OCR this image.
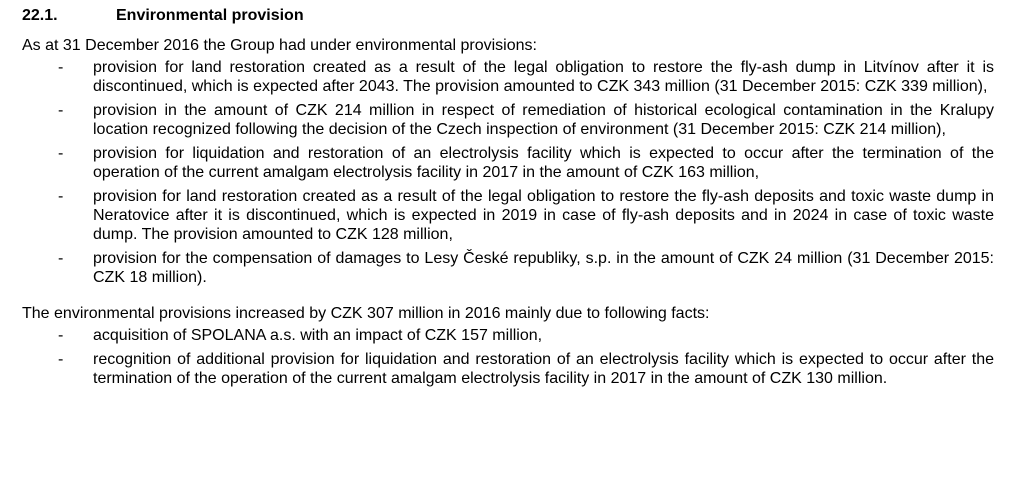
22.1.	Environmental provision

As at 31 December 2016 the Group had under environmental provisions:

-	provision for land restoration created as a result of the legal obligation to restore the fly-ash dump in Litvínov after it is discontinued, which is expected after 2043. The provision amounted to CZK 343 million (31 December 2015: CZK 339 million),
-	provision in the amount of CZK 214 million in respect of remediation of historical ecological contamination in the Kralupy location recognized following the decision of the Czech inspection of environment (31 December 2015: CZK 214 million),
-	provision for liquidation and restoration of an electrolysis facility which is expected to occur after the termination of the operation of the current amalgam electrolysis facility in 2017 in the amount of CZK 163 million,
-	provision for land restoration created as a result of the legal obligation to restore the fly-ash deposits and toxic waste dump in Neratovice after it is discontinued, which is expected in 2019 in case of fly-ash deposits and in 2024 in case of toxic waste dump. The provision amounted to CZK 128 million,
-	provision for the compensation of damages to Lesy České republiky, s.p. in the amount of CZK 24 million (31 December 2015: CZK 18 million).

The environmental provisions increased by CZK 307 million in 2016 mainly due to following facts:

-	acquisition of SPOLANA a.s. with an impact of CZK 157 million,
-	recognition of additional provision for liquidation and restoration of an electrolysis facility which is expected to occur after the termination of the operation of the current amalgam electrolysis facility in 2017 in the amount of CZK 130 million.
